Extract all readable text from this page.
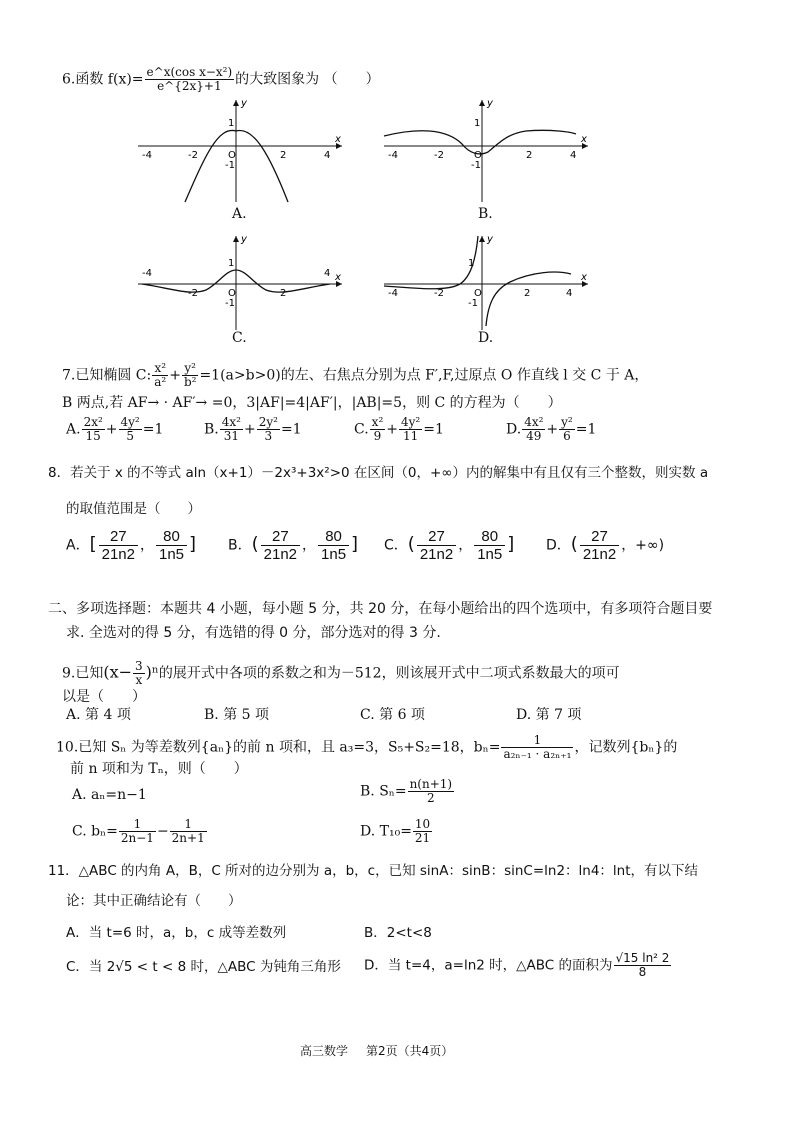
6.函数 $f(x)= \frac{\text{e\textasciicircum{}x(cos x−x²)}}{e\^{}\{2x\}+1}$ 的大致图象为 （　　）
-4	-2	O	2	4
1
-1
x
y
A.
-4	-2	O	2	4
1
-1
x
y
B.
-4
-2	O	2
4
1
-1
x
y
C.
-4	-2	O	2	4
1
-1
x
y
D.
7.已知椭圆 C: $\frac{\text{x²}}{\text{a²}} + \frac{\text{y²}}{\text{b²}} =1(a>b>0)$的左、右焦点分别为点 F′,F,过原点 O 作直线 l 交 C 于 A，
B 两点,若 AF→ · AF′→ =0，3|AF|=4|AF′|，|AB|=5，则 C 的方程为（　　）
A. $\frac{\text{2x²}}{15} + \frac{\text{4y²}}{5} =1$	B. $\frac{\text{4x²}}{31} + \frac{\text{2y²}}{3} =1$	C. $\frac{\text{x²}}{9} + \frac{\text{4y²}}{11} =1$	D. $\frac{\text{4x²}}{49} + \frac{\text{y²}}{6} =1$
8．若关于 x 的不等式 aln（x+1）－2x³+3x²>0 在区间（0，+∞）内的解集中有且仅有三个整数，则实数 a
的取值范围是（　　）
A．[ $\frac{27}{21n2}$ ， $\frac{80}{1n5}$ ] B．( $\frac{27}{21n2}$ ， $\frac{80}{1n5}$ ] C．( $\frac{27}{21n2}$ ， $\frac{80}{1n5}$ ] D．( $\frac{27}{21n2}$ ，+∞)
二、多项选择题：本题共 4 小题，每小题 5 分，共 20 分，在每小题给出的四个选项中，有多项符合题目要
求. 全选对的得 5 分，有选错的得 0 分，部分选对的得 3 分.
9.已知$(x- \frac{3}{x} )^n$的展开式中各项的系数之和为－512，则该展开式中二项式系数最大的项可
以是（　　）
A. 第 4 项	B. 第 5 项	C. 第 6 项	D. 第 7 项
10.已知 Sₙ 为等差数列{aₙ}的前 n 项和，且 a₃=3，S₅+S₂=18，$b_n= \frac{1}{\text{a₂ₙ₋₁ · a₂ₙ₊₁}}$ ，记数列{bₙ}的
前 n 项和为 Tₙ，则（　　）
A. aₙ=n−1	B. $S_n= \frac{n(n+1)}{2}$
C. $b_n= \frac{1}{2n-1} - \frac{1}{2n+1}$	D. $T_{10}= \frac{10}{21}$
11．△ABC 的内角 A，B，C 所对的边分别为 a，b，c，已知 sinA：sinB：sinC=ln2：ln4：lnt，有以下结
论：其中正确结论有（　　）
A．当 t=6 时，a，b，c 成等差数列	B．2<t<8
C．当 2√5 < t < 8 时，△ABC 为钝角三角形 D．当 t=4，a=ln2 时，△ABC 的面积为 $\frac{\text{√15 ln² 2}}{8}$
高三数学 第2页（共4页）
